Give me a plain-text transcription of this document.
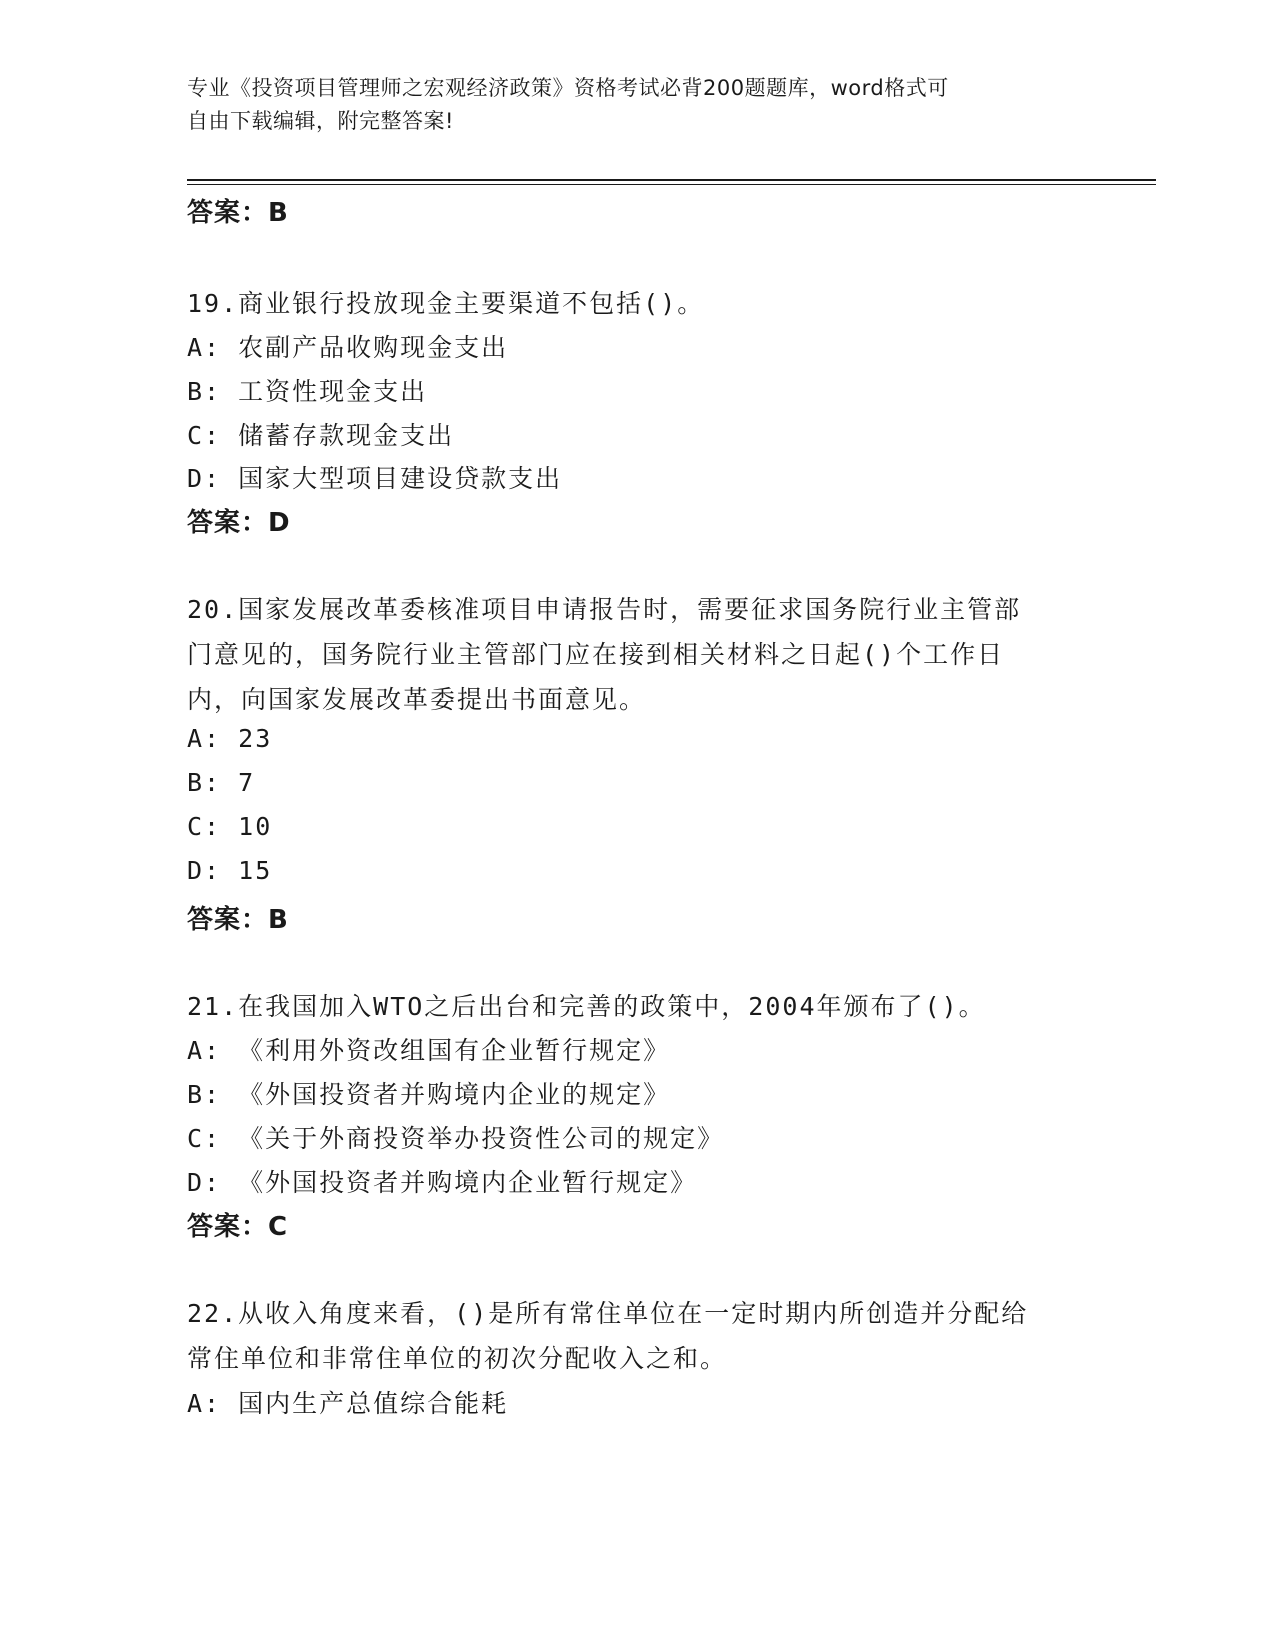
专业《投资项目管理师之宏观经济政策》资格考试必背200题题库，word格式可
自由下载编辑，附完整答案!
答案：B
19.商业银行投放现金主要渠道不包括()。
A: 农副产品收购现金支出
B: 工资性现金支出
C: 储蓄存款现金支出
D: 国家大型项目建设贷款支出
答案：D
20.国家发展改革委核准项目申请报告时，需要征求国务院行业主管部
门意见的，国务院行业主管部门应在接到相关材料之日起()个工作日
内，向国家发展改革委提出书面意见。
A: 23
B: 7
C: 10
D: 15
答案：B
21.在我国加入WTO之后出台和完善的政策中，2004年颁布了()。
A: 《利用外资改组国有企业暂行规定》
B: 《外国投资者并购境内企业的规定》
C: 《关于外商投资举办投资性公司的规定》
D: 《外国投资者并购境内企业暂行规定》
答案：C
22.从收入角度来看，()是所有常住单位在一定时期内所创造并分配给
常住单位和非常住单位的初次分配收入之和。
A: 国内生产总值综合能耗
